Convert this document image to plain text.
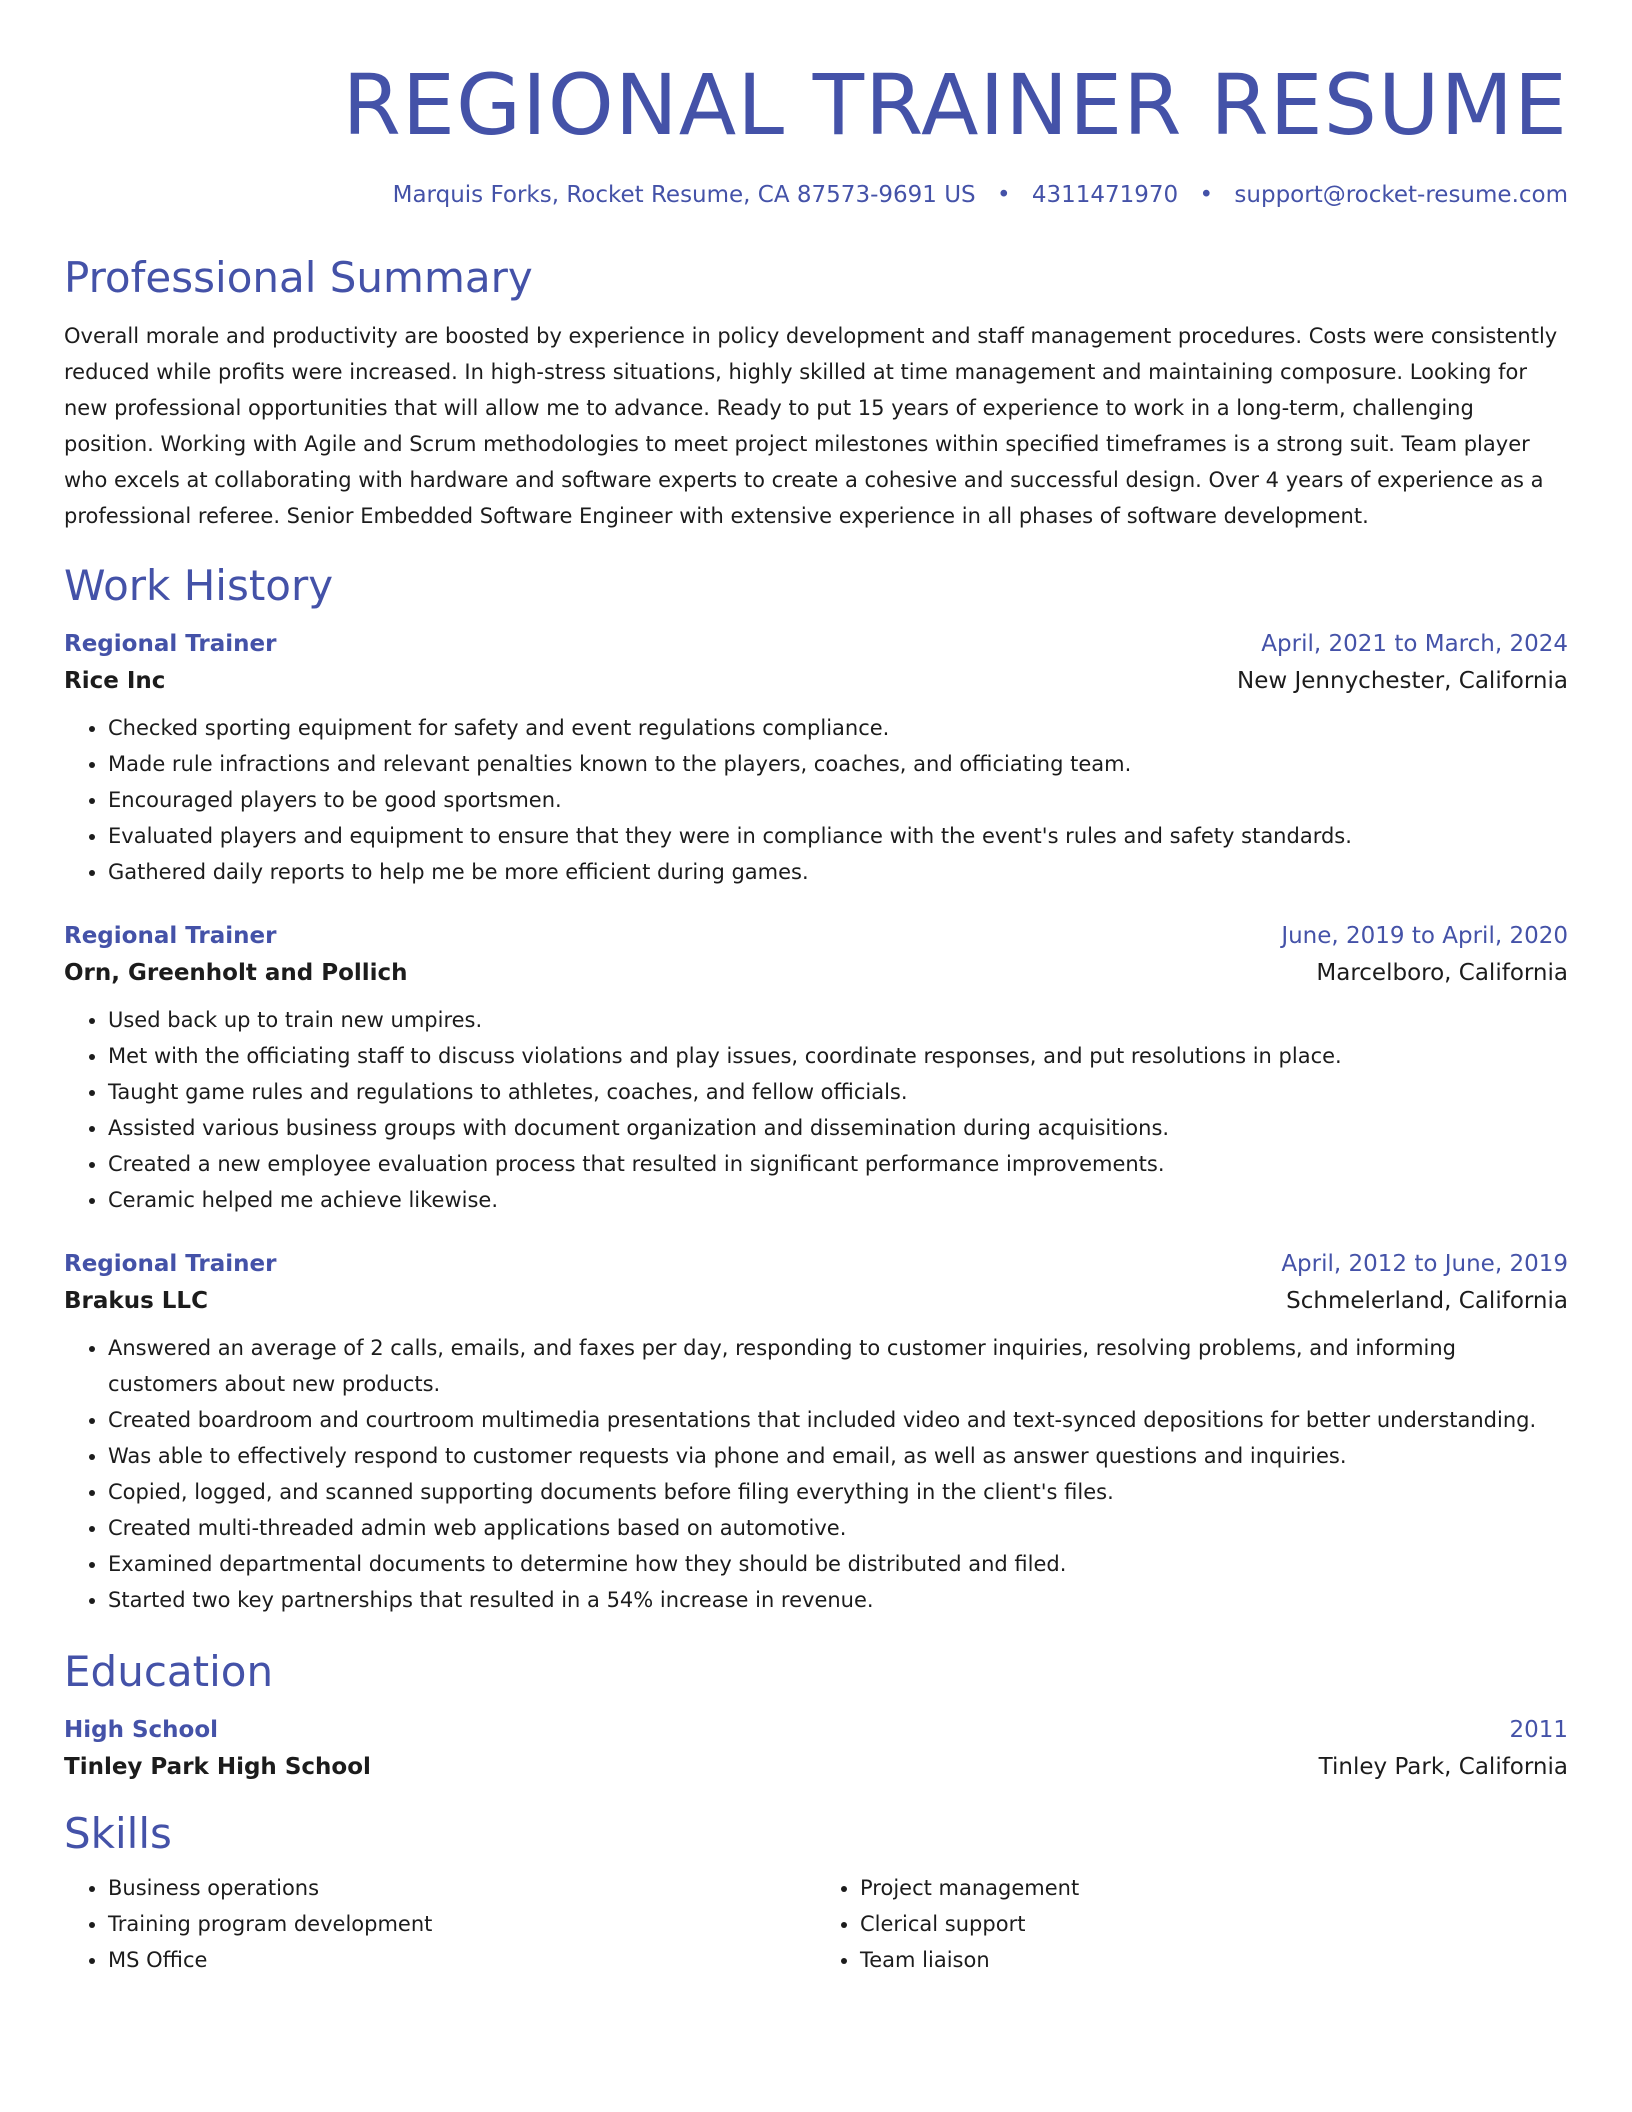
REGIONAL TRAINER RESUME
Marquis Forks, Rocket Resume, CA 87573-9691 US • 4311471970 • support@rocket-resume.com
Professional Summary

Overall morale and productivity are boosted by experience in policy development and staff management procedures. Costs were consistently reduced while profits were increased. In high-stress situations, highly skilled at time management and maintaining composure. Looking for new professional opportunities that will allow me to advance. Ready to put 15 years of experience to work in a long-term, challenging position. Working with Agile and Scrum methodologies to meet project milestones within specified timeframes is a strong suit. Team player who excels at collaborating with hardware and software experts to create a cohesive and successful design. Over 4 years of experience as a professional referee. Senior Embedded Software Engineer with extensive experience in all phases of software development.

Work History
Regional Trainer	April, 2021 to March, 2024
Rice Inc	New Jennychester, California
• Checked sporting equipment for safety and event regulations compliance.
• Made rule infractions and relevant penalties known to the players, coaches, and officiating team.
• Encouraged players to be good sportsmen.
• Evaluated players and equipment to ensure that they were in compliance with the event's rules and safety standards.
• Gathered daily reports to help me be more efficient during games.
Regional Trainer	June, 2019 to April, 2020
Orn, Greenholt and Pollich	Marcelboro, California
• Used back up to train new umpires.
• Met with the officiating staff to discuss violations and play issues, coordinate responses, and put resolutions in place.
• Taught game rules and regulations to athletes, coaches, and fellow officials.
• Assisted various business groups with document organization and dissemination during acquisitions.
• Created a new employee evaluation process that resulted in significant performance improvements.
• Ceramic helped me achieve likewise.
Regional Trainer	April, 2012 to June, 2019
Brakus LLC	Schmelerland, California
• Answered an average of 2 calls, emails, and faxes per day, responding to customer inquiries, resolving problems, and informing customers about new products.
• Created boardroom and courtroom multimedia presentations that included video and text-synced depositions for better understanding.
• Was able to effectively respond to customer requests via phone and email, as well as answer questions and inquiries.
• Copied, logged, and scanned supporting documents before filing everything in the client's files.
• Created multi-threaded admin web applications based on automotive.
• Examined departmental documents to determine how they should be distributed and filed.
• Started two key partnerships that resulted in a 54% increase in revenue.
Education
High School	2011
Tinley Park High School	Tinley Park, California
Skills
• Business operations
• Training program development
• MS Office
• Project management
• Clerical support
• Team liaison
